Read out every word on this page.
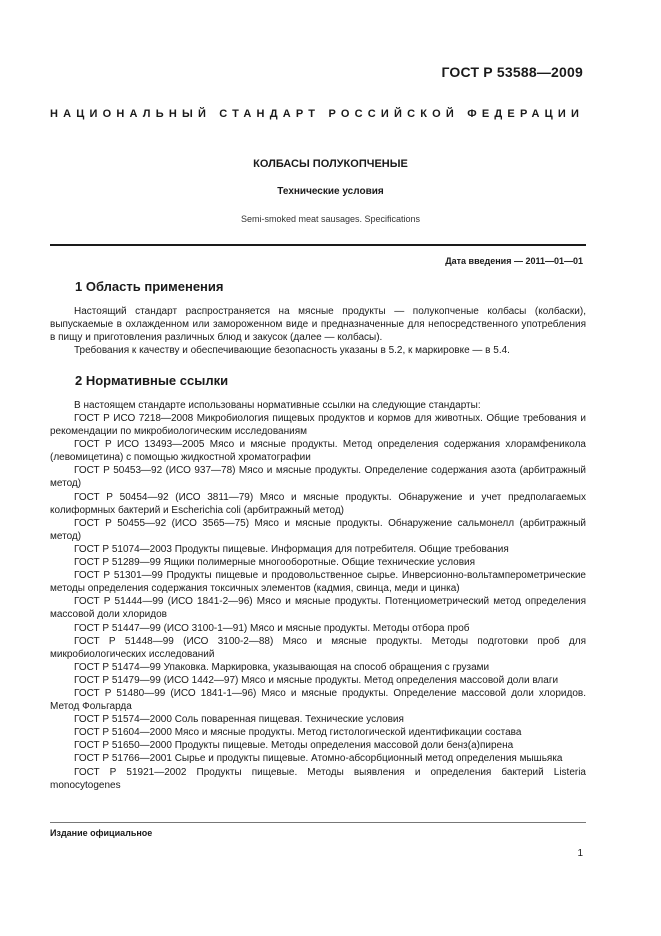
ГОСТ Р 53588—2009
НАЦИОНАЛЬНЫЙ СТАНДАРТ РОССИЙСКОЙ ФЕДЕРАЦИИ
КОЛБАСЫ ПОЛУКОПЧЕНЫЕ
Технические условия
Semi-smoked meat sausages. Specifications
Дата введения — 2011—01—01
1 Область применения

Настоящий стандарт распространяется на мясные продукты — полукопченые колбасы (колбаски), выпускаемые в охлажденном или замороженном виде и предназначенные для непосредственного употребления в пищу и приготовления различных блюд и закусок (далее — колбасы).

Требования к качеству и обеспечивающие безопасность указаны в 5.2, к маркировке — в 5.4.

2 Нормативные ссылки

В настоящем стандарте использованы нормативные ссылки на следующие стандарты:

ГОСТ Р ИСО 7218—2008 Микробиология пищевых продуктов и кормов для животных. Общие требования и рекомендации по микробиологическим исследованиям

ГОСТ Р ИСО 13493—2005 Мясо и мясные продукты. Метод определения содержания хлорамфеникола (левомицетина) с помощью жидкостной хроматографии

ГОСТ Р 50453—92 (ИСО 937—78) Мясо и мясные продукты. Определение содержания азота (арбитражный метод)

ГОСТ Р 50454—92 (ИСО 3811—79) Мясо и мясные продукты. Обнаружение и учет предполагаемых колиформных бактерий и Escherichia coli (арбитражный метод)

ГОСТ Р 50455—92 (ИСО 3565—75) Мясо и мясные продукты. Обнаружение сальмонелл (арбитражный метод)

ГОСТ Р 51074—2003 Продукты пищевые. Информация для потребителя. Общие требования

ГОСТ Р 51289—99 Ящики полимерные многооборотные. Общие технические условия

ГОСТ Р 51301—99 Продукты пищевые и продовольственное сырье. Инверсионно-вольтамперометрические методы определения содержания токсичных элементов (кадмия, свинца, меди и цинка)

ГОСТ Р 51444—99 (ИСО 1841-2—96) Мясо и мясные продукты. Потенциометрический метод определения массовой доли хлоридов

ГОСТ Р 51447—99 (ИСО 3100-1—91) Мясо и мясные продукты. Методы отбора проб

ГОСТ Р 51448—99 (ИСО 3100-2—88) Мясо и мясные продукты. Методы подготовки проб для микробиологических исследований

ГОСТ Р 51474—99 Упаковка. Маркировка, указывающая на способ обращения с грузами

ГОСТ Р 51479—99 (ИСО 1442—97) Мясо и мясные продукты. Метод определения массовой доли влаги

ГОСТ Р 51480—99 (ИСО 1841-1—96) Мясо и мясные продукты. Определение массовой доли хлоридов. Метод Фольгарда

ГОСТ Р 51574—2000 Соль поваренная пищевая. Технические условия

ГОСТ Р 51604—2000 Мясо и мясные продукты. Метод гистологической идентификации состава

ГОСТ Р 51650—2000 Продукты пищевые. Методы определения массовой доли бенз(а)пирена

ГОСТ Р 51766—2001 Сырье и продукты пищевые. Атомно-абсорбционный метод определения мышьяка

ГОСТ Р 51921—2002 Продукты пищевые. Методы выявления и определения бактерий Listeria monocytogenes

Издание официальное
1
